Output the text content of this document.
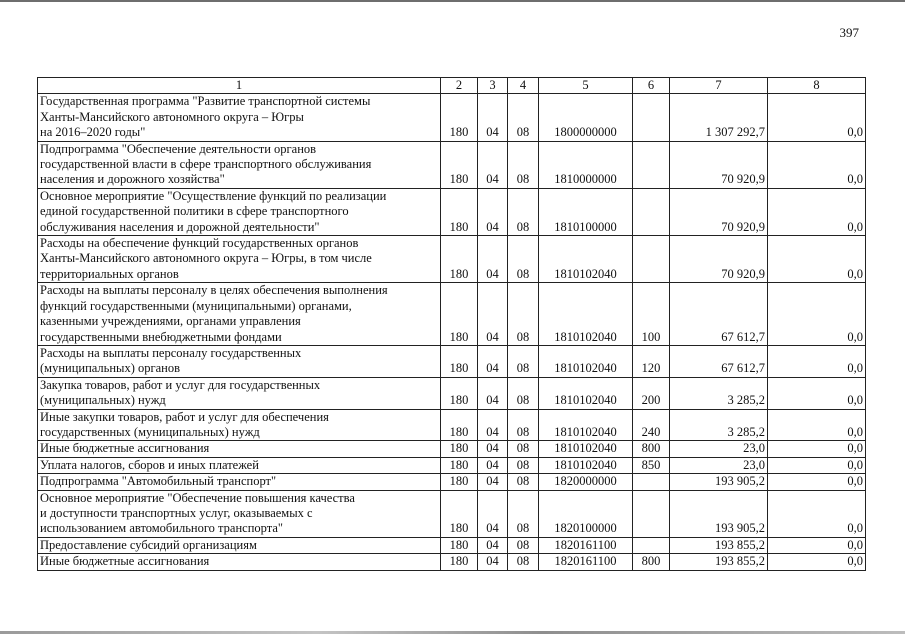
397
1	2	3	4	5	6	7	8

Государственная программа "Развитие транспортной системы
Ханты-Мансийского автономного округа – Югры
на 2016–2020 годы"	180	04	08	1800000000		1 307 292,7	0,0

Подпрограмма "Обеспечение деятельности органов
государственной власти в сфере транспортного обслуживания
населения и дорожного хозяйства"	180	04	08	1810000000		70 920,9	0,0

Основное мероприятие "Осуществление функций по реализации
единой государственной политики в сфере транспортного
обслуживания населения и дорожной деятельности"	180	04	08	1810100000		70 920,9	0,0

Расходы на обеспечение функций государственных органов
Ханты-Мансийского автономного округа – Югры, в том числе
территориальных органов	180	04	08	1810102040		70 920,9	0,0

Расходы на выплаты персоналу в целях обеспечения выполнения
функций государственными (муниципальными) органами,
казенными учреждениями, органами управления
государственными внебюджетными фондами	180	04	08	1810102040	100	67 612,7	0,0

Расходы на выплаты персоналу государственных
(муниципальных) органов	180	04	08	1810102040	120	67 612,7	0,0

Закупка товаров, работ и услуг для государственных
(муниципальных) нужд	180	04	08	1810102040	200	3 285,2	0,0

Иные закупки товаров, работ и услуг для обеспечения
государственных (муниципальных) нужд	180	04	08	1810102040	240	3 285,2	0,0

Иные бюджетные ассигнования	180	04	08	1810102040	800	23,0	0,0

Уплата налогов, сборов и иных платежей	180	04	08	1810102040	850	23,0	0,0

Подпрограмма "Автомобильный транспорт"	180	04	08	1820000000		193 905,2	0,0

Основное мероприятие "Обеспечение повышения качества
и доступности транспортных услуг, оказываемых с
использованием автомобильного транспорта"	180	04	08	1820100000		193 905,2	0,0

Предоставление субсидий организациям	180	04	08	1820161100		193 855,2	0,0

Иные бюджетные ассигнования	180	04	08	1820161100	800	193 855,2	0,0
